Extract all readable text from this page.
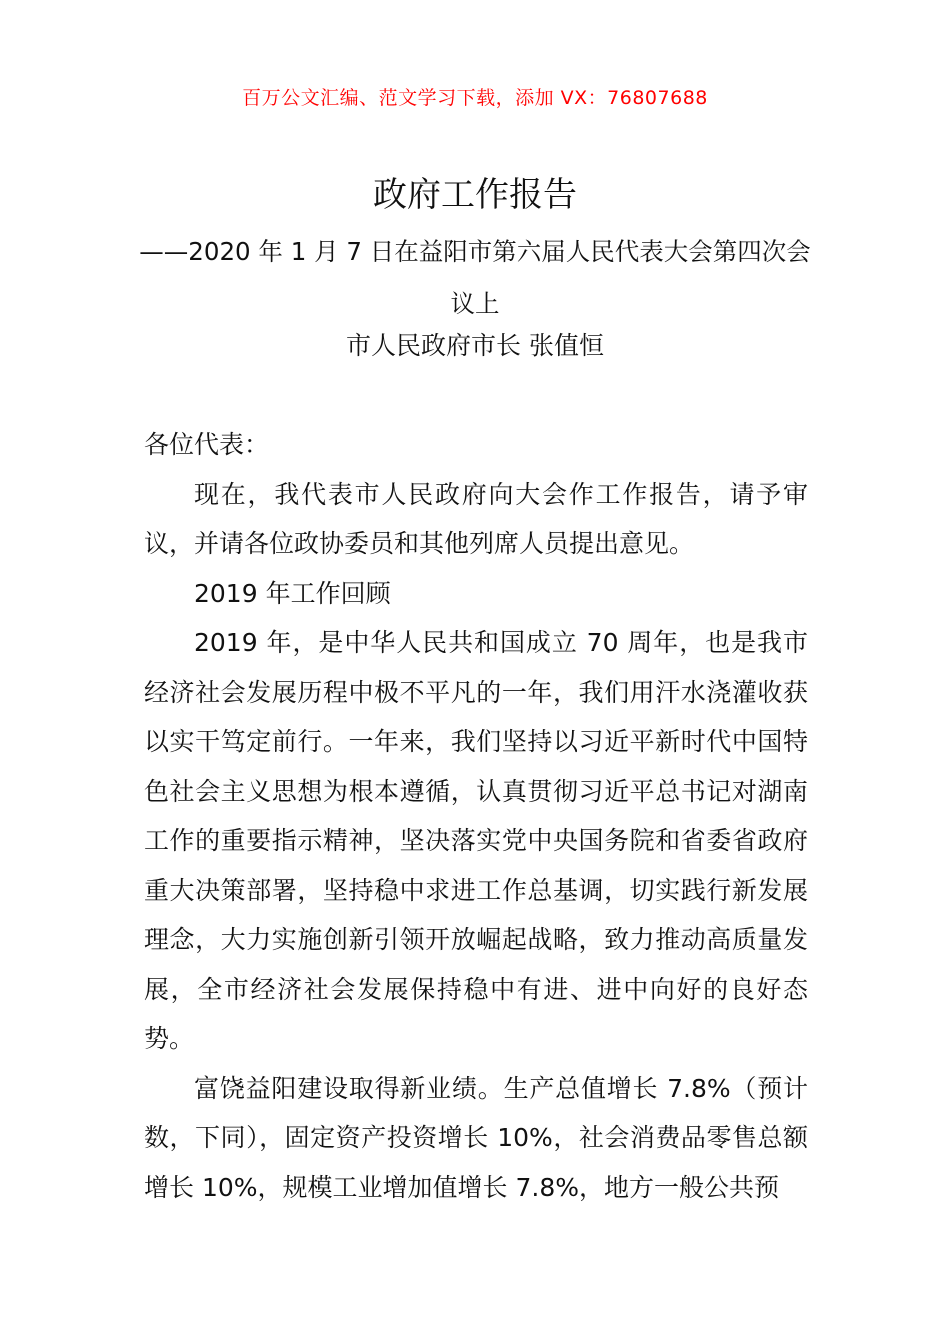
百万公文汇编、范文学习下载，添加 VX：76807688
政府工作报告
——2020 年 1 月 7 日在益阳市第六届人民代表大会第四次会议上
市人民政府市长 张值恒

各位代表：

现在，我代表市人民政府向大会作工作报告，请予审议，并请各位政协委员和其他列席人员提出意见。

2019 年工作回顾

2019 年，是中华人民共和国成立 70 周年，也是我市经济社会发展历程中极不平凡的一年，我们用汗水浇灌收获以实干笃定前行。一年来，我们坚持以习近平新时代中国特色社会主义思想为根本遵循，认真贯彻习近平总书记对湖南工作的重要指示精神，坚决落实党中央国务院和省委省政府重大决策部署，坚持稳中求进工作总基调，切实践行新发展理念，大力实施创新引领开放崛起战略，致力推动高质量发展，全市经济社会发展保持稳中有进、进中向好的良好态势。

富饶益阳建设取得新业绩。生产总值增长 7.8%（预计数，下同），固定资产投资增长 10%，社会消费品零售总额增长 10%，规模工业增加值增长 7.8%，地方一般公共预
